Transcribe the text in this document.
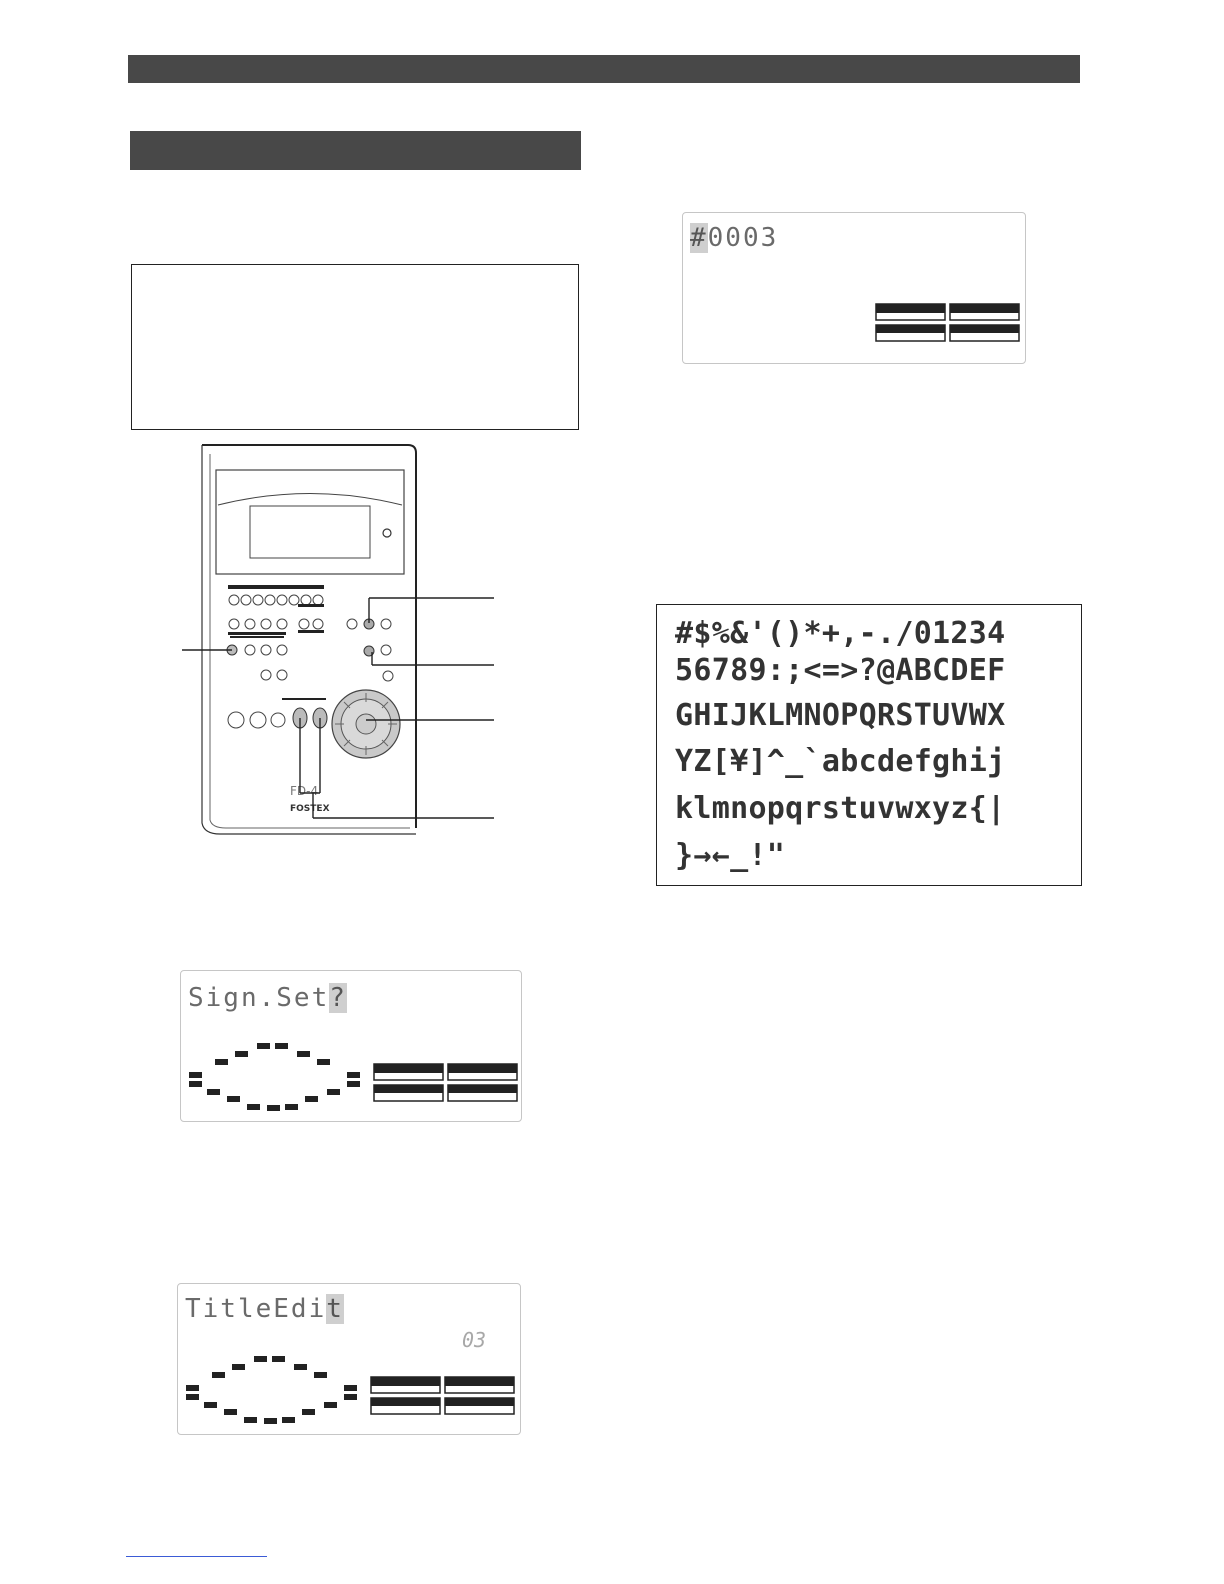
#0003
#$%&'()*+,-./01234
56789:;<=>?@ABCDEF
GHIJKLMNOPQRSTUVWX
YZ[¥]^_`abcdefghij
klmnopqrstuvwxyz{|
}→←_!"
FD-4
FOSTEX
Sign.Set?
TitleEdit
03
